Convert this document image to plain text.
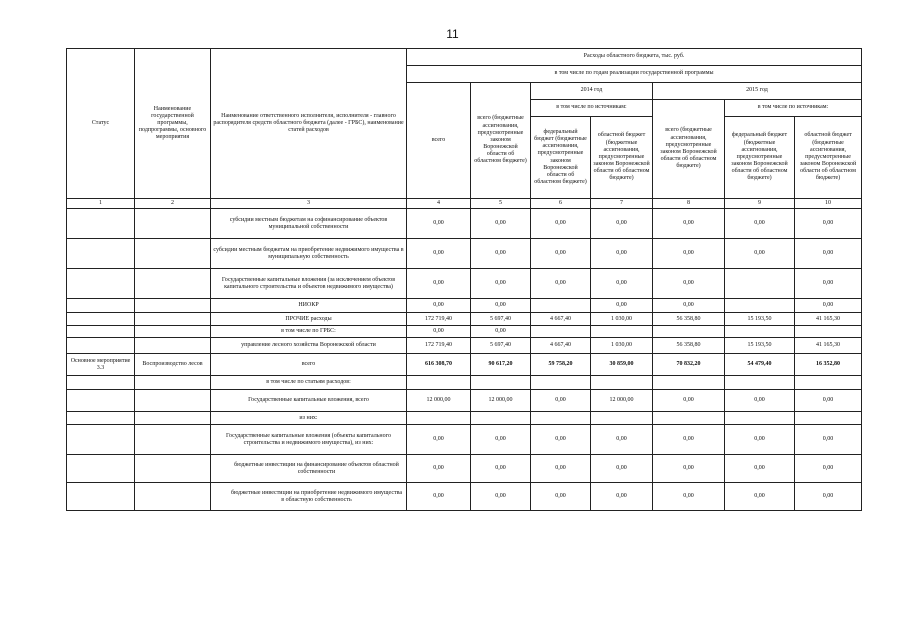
11
Статус	Наименование государственной программы, подпрограммы, основного мероприятия	Наименование ответственного исполнителя, исполнителя - главного распорядителя средств областного бюджета (далее - ГРБС), наименование статей расходов	Расходы областного бюджета, тыс. руб.						
			в том числе по годам реализации государственной программы						
			всего	всего (бюджетные ассигнования, предусмотренные законом Воронежской области об областном бюджете)	2014 год		2015 год		
					в том числе по источникам:		всего (бюджетные ассигнования, предусмотренные законом Воронежской области об областном бюджете)	в том числе по источникам:	
					федеральный бюджет (бюджетные ассигнования, предусмотренные законом Воронежской области об областном бюджете)	областной бюджет (бюджетные ассигнования, предусмотренные законом Воронежской области об областном бюджете)		федеральный бюджет (бюджетные ассигнования, предусмотренные законом Воронежской области об областном бюджете)	областной бюджет (бюджетные ассигнования, предусмотренные законом Воронежской области об областном бюджете)
1	2	3	4	5	6	7	8	9	10
		субсидии местным бюджетам на софинансирование объектов муниципальной собственности	0,00	0,00	0,00	0,00	0,00	0,00	0,00
		субсидии местным бюджетам на приобретение недвижимого имущества в муниципальную собственность	0,00	0,00	0,00	0,00	0,00	0,00	0,00
		Государственные капитальные вложения (за исключением объектов капитального строительства и объектов недвижимого имущества)	0,00	0,00	0,00	0,00	0,00		0,00
		НИОКР	0,00	0,00		0,00	0,00		0,00
		ПРОЧИЕ расходы	172 719,40	5 697,40	4 667,40	1 030,00	56 358,80	15 193,50	41 165,30
		в том числе по ГРБС:	0,00	0,00					
		управление лесного хозяйства Воронежской области	172 719,40	5 697,40	4 667,40	1 030,00	56 358,80	15 193,50	41 165,30
Основное мероприятие 3.3	Воспроизводство лесов	всего	616 308,70	90 617,20	59 758,20	30 859,00	70 832,20	54 479,40	16 352,80
		в том числе по статьям расходов:							
		Государственные капитальные вложения, всего	12 000,00	12 000,00	0,00	12 000,00	0,00	0,00	0,00
		из них:							
		Государственные капитальные вложения (объекты капитального строительства и недвижимого имущества), из них:	0,00	0,00	0,00	0,00	0,00	0,00	0,00
		бюджетные инвестиции на финансирование объектов областной собственности	0,00	0,00	0,00	0,00	0,00	0,00	0,00
		бюджетные инвестиции на приобретение недвижимого имущества в областную собственность	0,00	0,00	0,00	0,00	0,00	0,00	0,00
